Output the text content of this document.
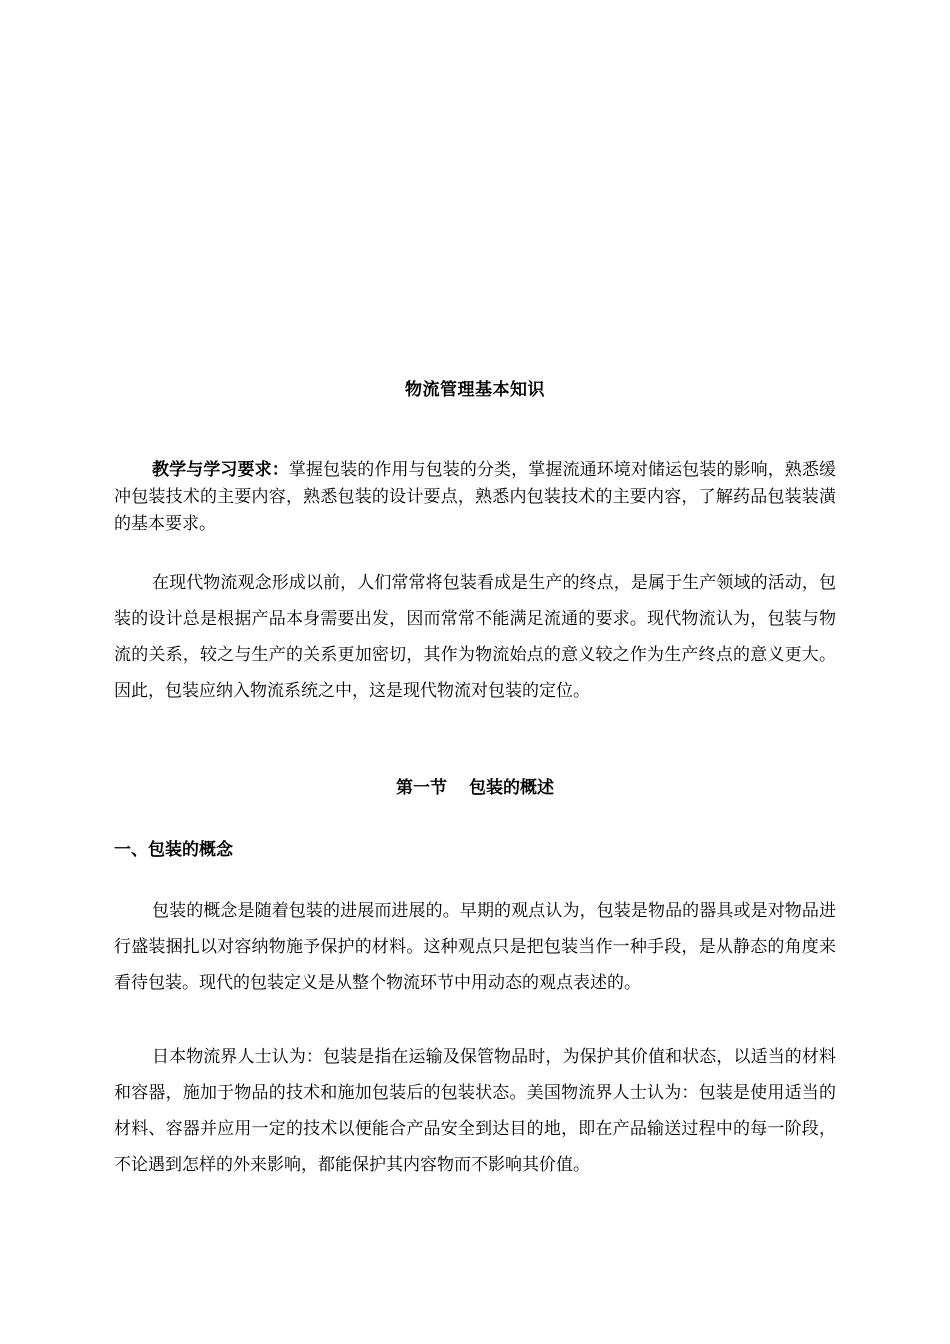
物流管理基本知识

教学与学习要求：掌握包装的作用与包装的分类，掌握流通环境对储运包装的影响，熟悉缓冲包装技术的主要内容，熟悉包装的设计要点，熟悉内包装技术的主要内容，了解药品包装装潢的基本要求。

在现代物流观念形成以前，人们常常将包装看成是生产的终点，是属于生产领域的活动，包装的设计总是根据产品本身需要出发，因而常常不能满足流通的要求。现代物流认为，包装与物流的关系，较之与生产的关系更加密切，其作为物流始点的意义较之作为生产终点的意义更大。因此，包装应纳入物流系统之中，这是现代物流对包装的定位。

第一节 包装的概述
一、包装的概念

包装的概念是随着包装的进展而进展的。早期的观点认为，包装是物品的器具或是对物品进行盛装捆扎以对容纳物施予保护的材料。这种观点只是把包装当作一种手段，是从静态的角度来看待包装。现代的包装定义是从整个物流环节中用动态的观点表述的。

日本物流界人士认为：包装是指在运输及保管物品时，为保护其价值和状态，以适当的材料和容器，施加于物品的技术和施加包装后的包装状态。美国物流界人士认为：包装是使用适当的材料、容器并应用一定的技术以便能合产品安全到达目的地，即在产品输送过程中的每一阶段，不论遇到怎样的外来影响，都能保护其内容物而不影响其价值。
